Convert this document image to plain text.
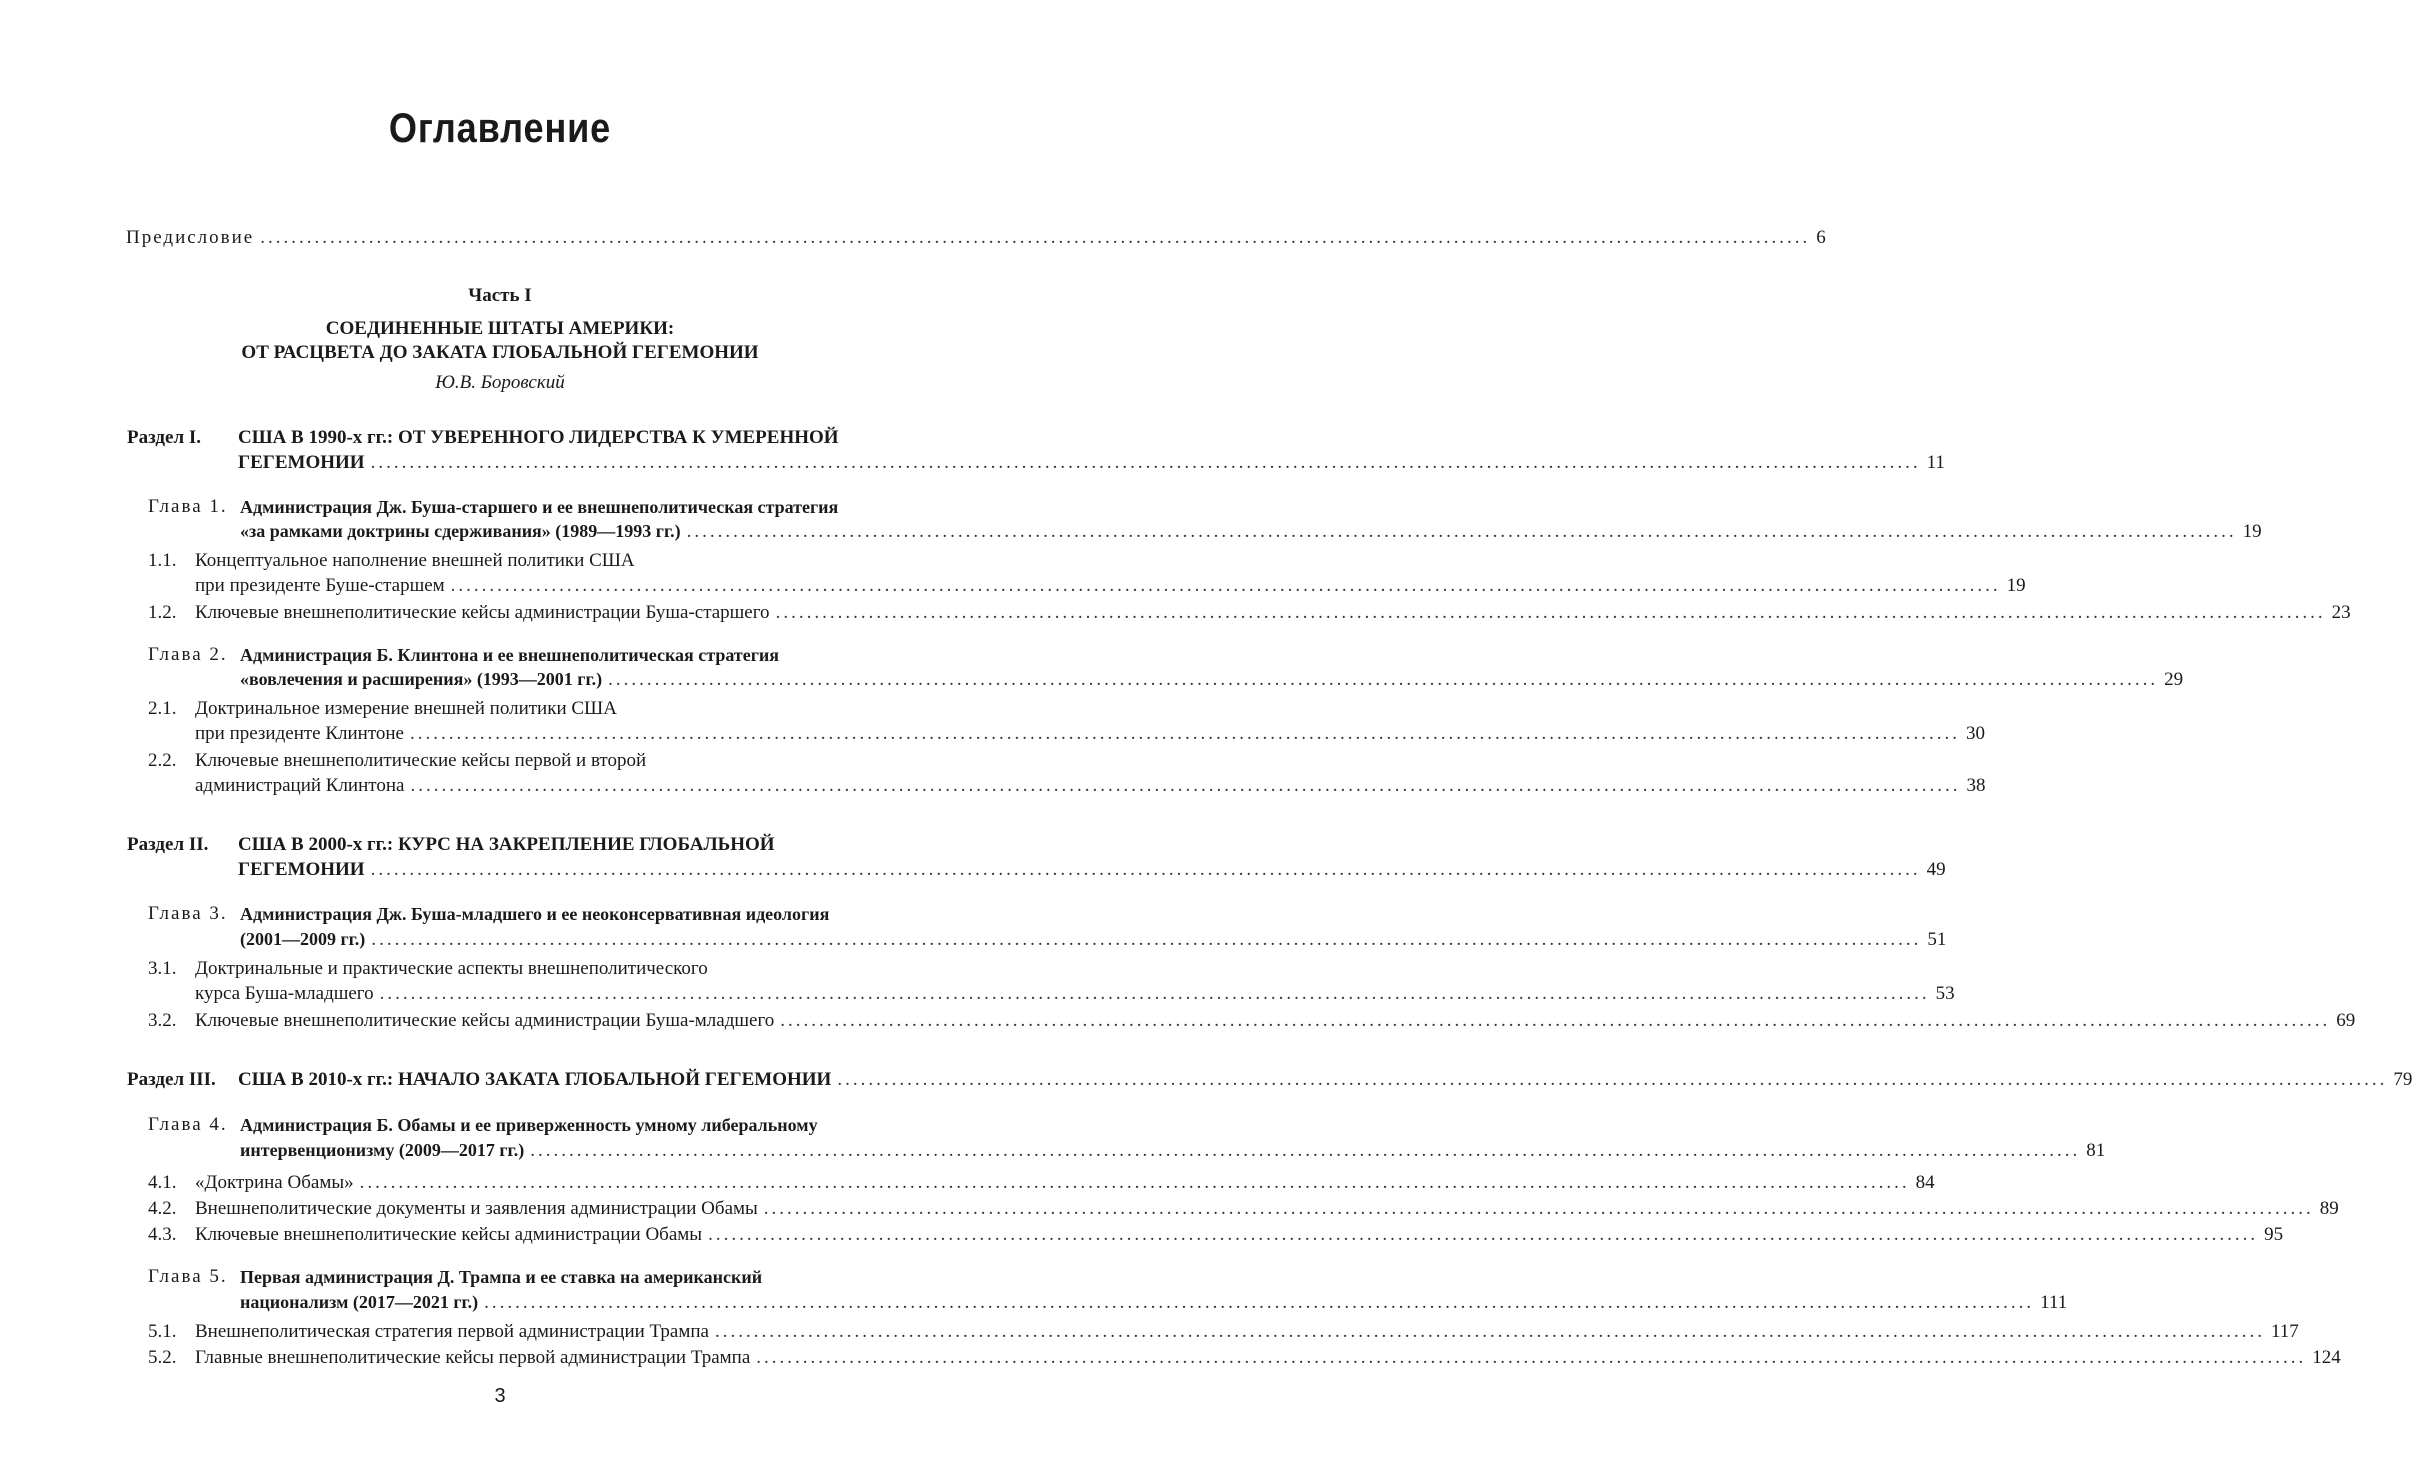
Оглавление
Предисловие ........................................................................................................................................................................................................ 6
Часть I
СОЕДИНЕННЫЕ ШТАТЫ АМЕРИКИ:
ОТ РАСЦВЕТА ДО ЗАКАТА ГЛОБАЛЬНОЙ ГЕГЕМОНИИ
Ю.В. Боровский
Раздел I. США В 1990-х гг.: ОТ УВЕРЕННОГО ЛИДЕРСТВА К УМЕРЕННОЙ
ГЕГЕМОНИИ ........................................................................................................................................................................................................ 11
Глава 1. Администрация Дж. Буша-старшего и ее внешнеполитическая стратегия
«за рамками доктрины сдерживания» (1989—1993 гг.) ........................................................................................................................................................................................................ 19
1.1. Концептуальное наполнение внешней политики США
при президенте Буше-старшем ........................................................................................................................................................................................................ 19
1.2. Ключевые внешнеполитические кейсы администрации Буша-старшего ........................................................................................................................................................................................................ 23
Глава 2. Администрация Б. Клинтона и ее внешнеполитическая стратегия
«вовлечения и расширения» (1993—2001 гг.) ........................................................................................................................................................................................................ 29
2.1. Доктринальное измерение внешней политики США
при президенте Клинтоне ........................................................................................................................................................................................................ 30
2.2. Ключевые внешнеполитические кейсы первой и второй
администраций Клинтона ........................................................................................................................................................................................................ 38
Раздел II. США В 2000-х гг.: КУРС НА ЗАКРЕПЛЕНИЕ ГЛОБАЛЬНОЙ
ГЕГЕМОНИИ ........................................................................................................................................................................................................ 49
Глава 3. Администрация Дж. Буша-младшего и ее неоконсервативная идеология
(2001—2009 гг.) ........................................................................................................................................................................................................ 51
3.1. Доктринальные и практические аспекты внешнеполитического
курса Буша-младшего ........................................................................................................................................................................................................ 53
3.2. Ключевые внешнеполитические кейсы администрации Буша-младшего ........................................................................................................................................................................................................ 69
Раздел III. США В 2010-х гг.: НАЧАЛО ЗАКАТА ГЛОБАЛЬНОЙ ГЕГЕМОНИИ ........................................................................................................................................................................................................ 79
Глава 4. Администрация Б. Обамы и ее приверженность умному либеральному
интервенционизму (2009—2017 гг.) ........................................................................................................................................................................................................ 81
4.1. «Доктрина Обамы» ........................................................................................................................................................................................................ 84
4.2. Внешнеполитические документы и заявления администрации Обамы ........................................................................................................................................................................................................ 89
4.3. Ключевые внешнеполитические кейсы администрации Обамы ........................................................................................................................................................................................................ 95
Глава 5. Первая администрация Д. Трампа и ее ставка на американский
национализм (2017—2021 гг.) ........................................................................................................................................................................................................ 111
5.1. Внешнеполитическая стратегия первой администрации Трампа ........................................................................................................................................................................................................ 117
5.2. Главные внешнеполитические кейсы первой администрации Трампа ........................................................................................................................................................................................................ 124
3
